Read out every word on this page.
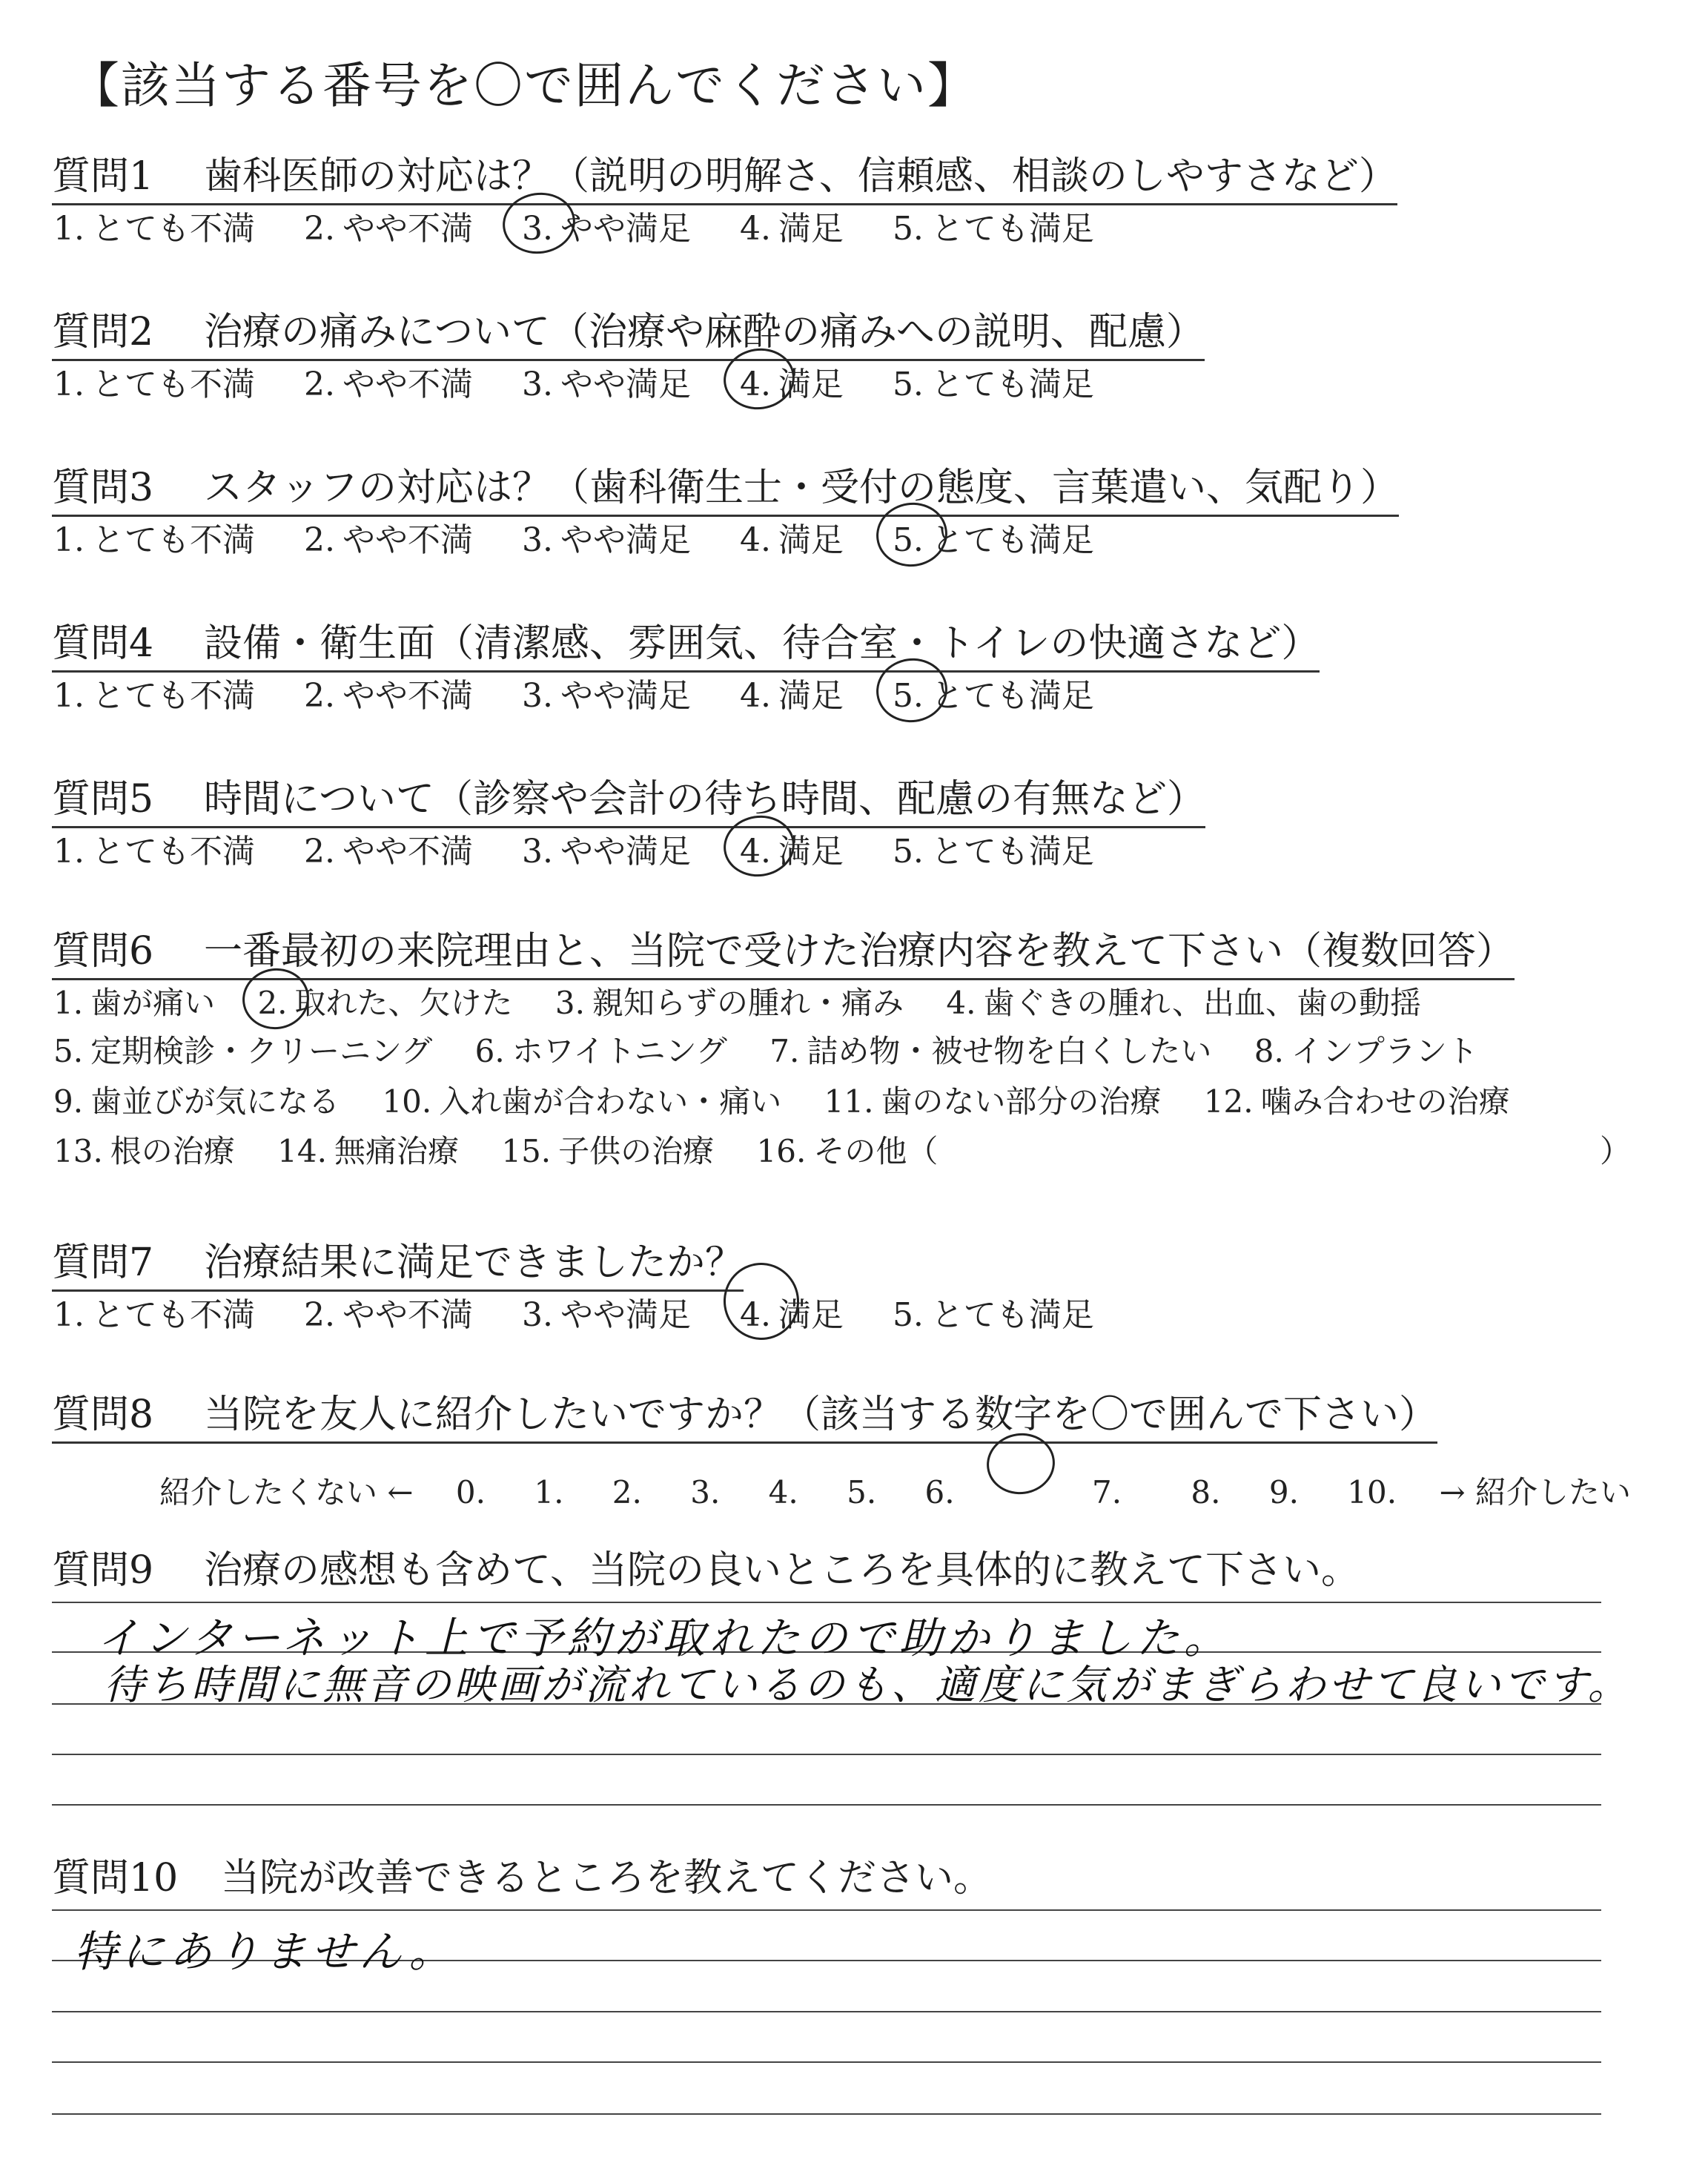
【該当する番号を〇で囲んでください】
質問1 歯科医師の対応は？（説明の明解さ、信頼感、相談のしやすさなど）
1. とても不満 2. やや不満 3. やや満足 4. 満足 5. とても満足
質問2 治療の痛みについて（治療や麻酔の痛みへの説明、配慮）
1. とても不満 2. やや不満 3. やや満足 4. 満足 5. とても満足
質問3 スタッフの対応は？（歯科衛生士・受付の態度、言葉遣い、気配り）
1. とても不満 2. やや不満 3. やや満足 4. 満足 5. とても満足
質問4 設備・衛生面（清潔感、雰囲気、待合室・トイレの快適さなど）
1. とても不満 2. やや不満 3. やや満足 4. 満足 5. とても満足
質問5 時間について（診察や会計の待ち時間、配慮の有無など）
1. とても不満 2. やや不満 3. やや満足 4. 満足 5. とても満足
質問6 一番最初の来院理由と、当院で受けた治療内容を教えて下さい（複数回答）
1. 歯が痛い 2. 取れた、欠けた 3. 親知らずの腫れ・痛み 4. 歯ぐきの腫れ、出血、歯の動揺
5. 定期検診・クリーニング 6. ホワイトニング 7. 詰め物・被せ物を白くしたい 8. インプラント
9. 歯並びが気になる 10. 入れ歯が合わない・痛い 11. 歯のない部分の治療 12. 噛み合わせの治療
13. 根の治療 14. 無痛治療 15. 子供の治療 16. その他（	）
質問7 治療結果に満足できましたか？
1. とても不満 2. やや不満 3. やや満足 4. 満足 5. とても満足
質問8 当院を友人に紹介したいですか？（該当する数字を〇で囲んで下さい）
紹介したくない ← 0. 1. 2. 3. 4. 5. 6.	7. 8. 9. 10. → 紹介したい
質問9 治療の感想も含めて、当院の良いところを具体的に教えて下さい。
インターネット上で予約が取れたので助かりました。
待ち時間に無音の映画が流れているのも、適度に気がまぎらわせて良いです。
質問10 当院が改善できるところを教えてください。
特にありません。
